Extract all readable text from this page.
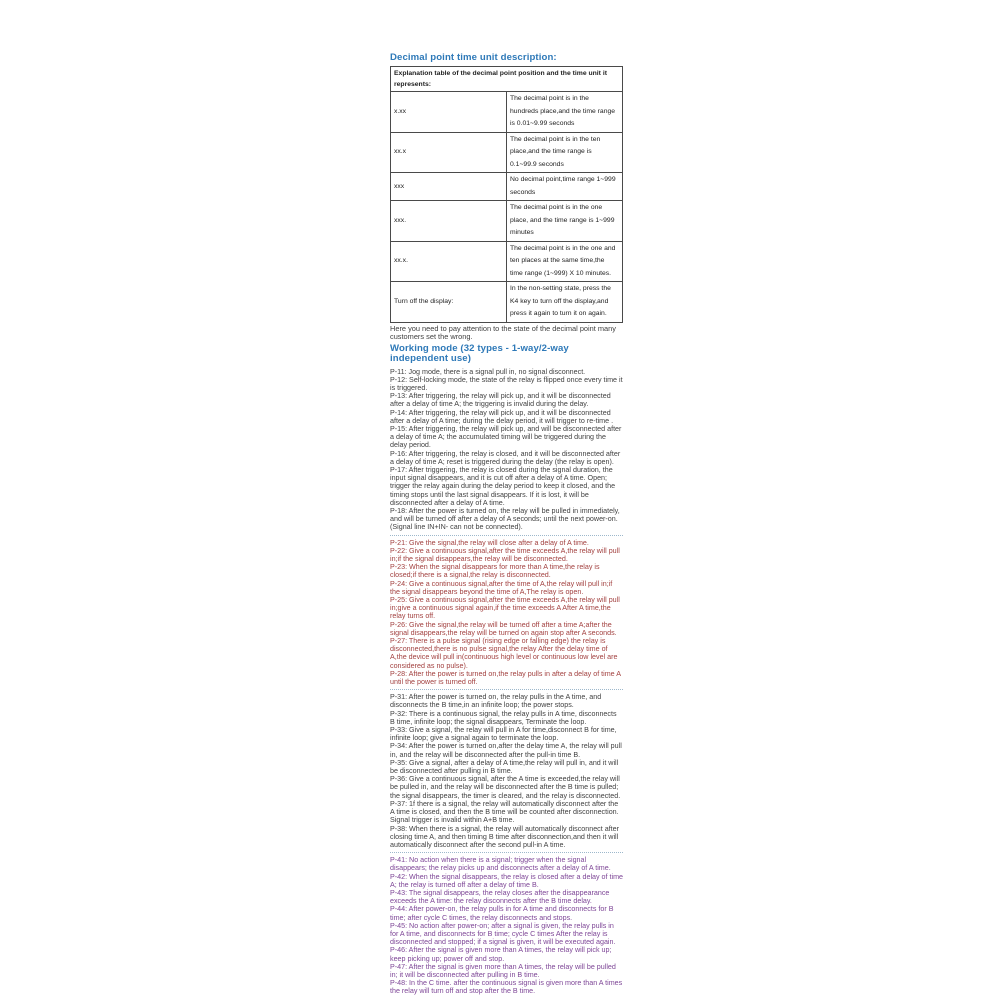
Decimal point time unit description:
Explanation table of the decimal point position and the time unit it represents:	
x.xx	The decimal point is in the hundreds place,and the time range is 0.01~9.99 seconds
xx.x	The decimal point is in the ten place,and the time range is 0.1~99.9 seconds
xxx	No decimal point,time range 1~999 seconds
xxx.	The decimal point is in the one place, and the time range is 1~999 minutes
xx.x.	The decimal point is in the one and ten places at the same time,the time range (1~999) X 10 minutes.
Turn off the display:	In the non-setting state, press the K4 key to turn off the display,and press it again to turn it on again.

Here you need to pay attention to the state of the decimal point many customers set the wrong.

Working mode (32 types - 1-way/2-way independent use)

P-11: Jog mode, there is a signal pull in, no signal disconnect.

P-12: Self-locking mode, the state of the relay is flipped once every time it is triggered.

P-13: After triggering, the relay will pick up, and it will be disconnected after a delay of time A; the triggering is invalid during the delay.

P-14: After triggering, the relay will pick up, and it will be disconnected after a delay of A time; during the delay period, it will trigger to re-time .

P-15: After triggering, the relay will pick up, and will be disconnected after a delay of time A; the accumulated timing will be triggered during the delay period.

P-16: After triggering, the relay is closed, and it will be disconnected after a delay of time A; reset is triggered during the delay (the relay is open).

P-17: After triggering, the relay is closed during the signal duration, the input signal disappears, and it is cut off after a delay of A time. Open; trigger the relay again during the delay period to keep it closed, and the timing stops until the last signal disappears. If it is lost, it will be disconnected after a delay of A time.

P-18: After the power is turned on, the relay will be pulled in immediately, and will be turned off after a delay of A seconds; until the next power-on. (Signal line IN+IN- can not be connected).

P-21: Give the signal,the relay will close after a delay of A time.

P-22: Give a continuous signal,after the time exceeds A,the relay will pull in;if the signal disappears,the relay will be disconnected.

P-23: When the signal disappears for more than A time,the relay is closed;if there is a signal,the relay is disconnected.

P-24: Give a continuous signal,after the time of A,the relay will pull in;if the signal disappears beyond the time of A,The relay is open.

P-25: Give a continuous signal,after the time exceeds A,the relay will pull in;give a continuous signal again,if the time exceeds A After A time,the relay turns off.

P-26: Give the signal,the relay will be turned off after a time A;after the signal disappears,the relay will be turned on again stop after A seconds.

P-27: There is a pulse signal (rising edge or falling edge) the relay is disconnected,there is no pulse signal,the relay After the delay time of A,the device will pull in(continuous high level or continuous low level are considered as no pulse).

P-28: After the power is turned on,the relay pulls in after a delay of time A until the power is turned off.

P-31: After the power is turned on, the relay pulls in the A time, and disconnects the B time,in an infinite loop; the power stops.

P-32: There is a continuous signal, the relay pulls in A time, disconnects B time, infinite loop; the signal disappears, Terminate the loop.

P-33: Give a signal, the relay will pull in A for time,disconnect B for time, infinite loop; give a signal again to terminate the loop.

P-34: After the power is turned on,after the delay time A, the relay will pull in, and the relay will be disconnected after the pull-in time B.

P-35: Give a signal, after a delay of A time,the relay will pull in, and it will be disconnected after pulling in B time.

P-36: Give a continuous signal, after the A time is exceeded,the relay will be pulled in, and the relay will be disconnected after the B time is pulled; the signal disappears, the timer is cleared, and the relay is disconnected.

P-37: 1f there is a signal, the relay will automatically disconnect after the A time is closed, and then the B time will be counted after disconnection. Signal trigger is invalid within A+B time.

P-38: When there is a signal, the relay will automatically disconnect after closing time A, and then timing B time after disconnection,and then it will automatically disconnect after the second pull-in A time.

P-41: No action when there is a signal; trigger when the signal disappears; the relay picks up and disconnects after a delay of A time.

P-42: When the signal disappears, the relay is closed after a delay of time A; the relay is turned off after a delay of time B.

P-43: The signal disappears, the relay closes after the disappearance exceeds the A time: the relay disconnects after the B time delay.

P-44: After power-on, the relay pulls in for A time and disconnects for B time; after cycle C times, the relay disconnects and stops.

P-45: No action after power-on; after a signal is given, the relay pulls in for A time, and disconnects for B time; cycle C times After the relay is disconnected and stopped; if a signal is given, it will be executed again.

P-46: After the signal is given more than A times, the relay will pick up; keep picking up; power off and stop.

P-47: After the signal is given more than A times, the relay will be pulled in; it will be disconnected after pulling in B time.

P-48: In the C time. after the continuous signal is given more than A times the relay will turn off and stop after the B time.
